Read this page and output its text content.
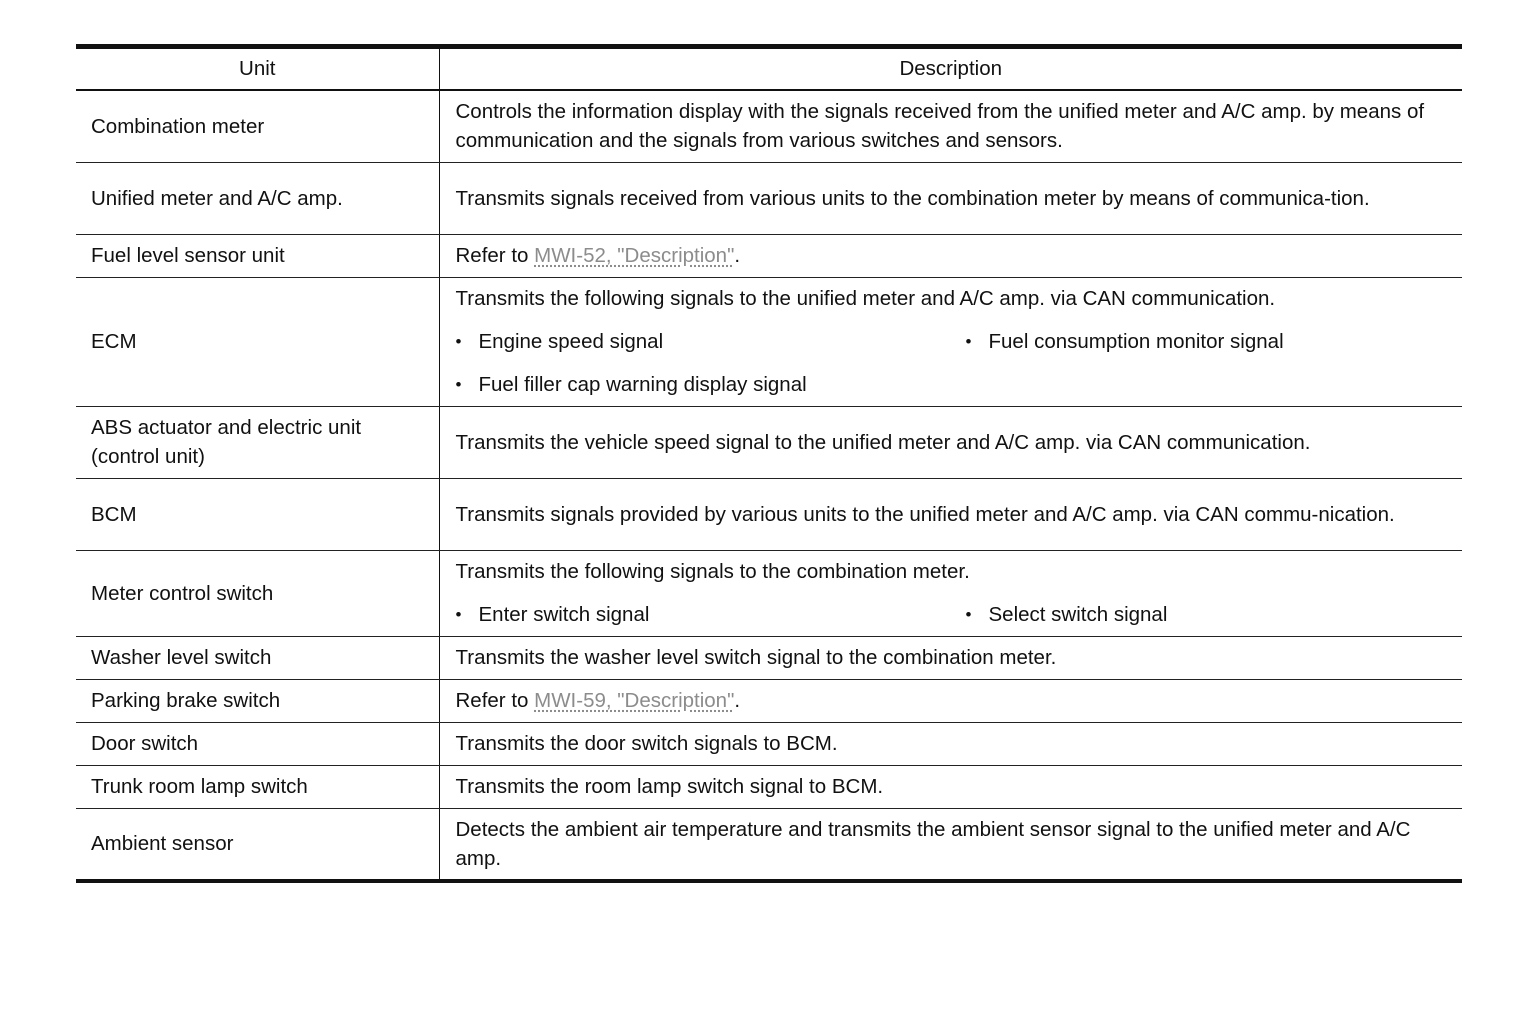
Unit	Description
Combination meter	Controls the information display with the signals received from the unified meter and A/C amp. by means of communication and the signals from various switches and sensors.
Unified meter and A/C amp.	Transmits signals received from various units to the combination meter by means of communica-tion.
Fuel level sensor unit	Refer to MWI-52, "Description".
ECM	Transmits the following signals to the unified meter and A/C amp. via CAN communication.
• Engine speed signal • Fuel consumption monitor signal
• Fuel filler cap warning display signal

ABS actuator and electric unit (control unit)	Transmits the vehicle speed signal to the unified meter and A/C amp. via CAN communication.
BCM	Transmits signals provided by various units to the unified meter and A/C amp. via CAN commu-nication.
Meter control switch	Transmits the following signals to the combination meter.
• Enter switch signal • Select switch signal

Washer level switch	Transmits the washer level switch signal to the combination meter.
Parking brake switch	Refer to MWI-59, "Description".
Door switch	Transmits the door switch signals to BCM.
Trunk room lamp switch	Transmits the room lamp switch signal to BCM.
Ambient sensor	Detects the ambient air temperature and transmits the ambient sensor signal to the unified meter and A/C amp.
